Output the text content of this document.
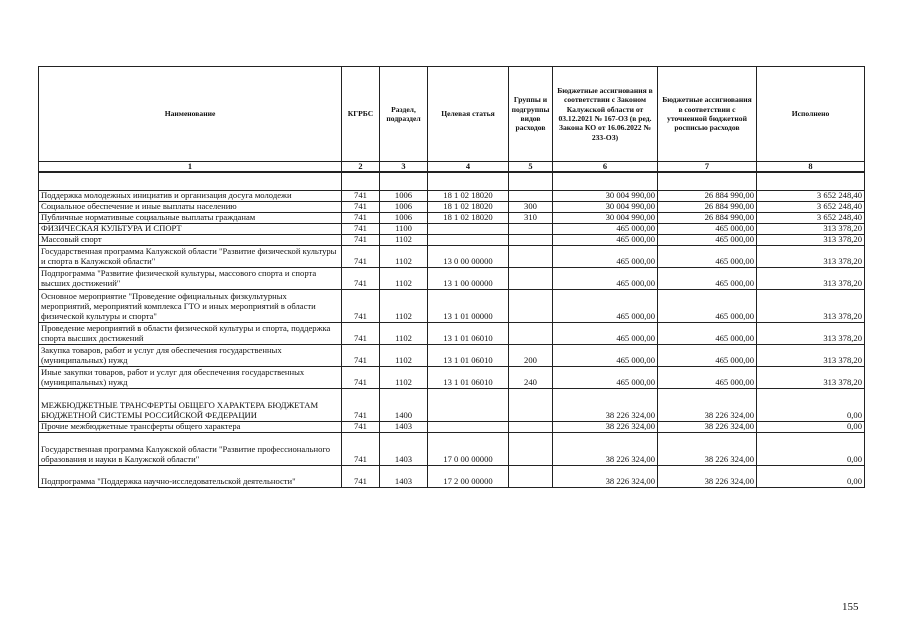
Наименование	КГРБС	Раздел, подраздел	Целевая статья	Группы и подгруппы видов расходов	Бюджетные ассигнования в соответствии с Законом Калужской области от 03.12.2021 № 167-ОЗ (в ред. Закона КО от 16.06.2022 № 233-ОЗ)	Бюджетные ассигнования в соответствии с уточненной бюджетной росписью расходов	Исполнено
1	2	3	4	5	6	7	8

Поддержка молодежных инициатив и организация досуга молодежи	741	1006	18 1 02 18020		30 004 990,00	26 884 990,00	3 652 248,40
Социальное обеспечение и иные выплаты населению	741	1006	18 1 02 18020	300	30 004 990,00	26 884 990,00	3 652 248,40
Публичные нормативные социальные выплаты гражданам	741	1006	18 1 02 18020	310	30 004 990,00	26 884 990,00	3 652 248,40
ФИЗИЧЕСКАЯ КУЛЬТУРА И СПОРТ	741	1100			465 000,00	465 000,00	313 378,20
Массовый спорт	741	1102			465 000,00	465 000,00	313 378,20
Государственная программа Калужской области "Развитие физической культуры и спорта в Калужской области"	741	1102	13 0 00 00000		465 000,00	465 000,00	313 378,20
Подпрограмма "Развитие физической культуры, массового спорта и спорта высших достижений"	741	1102	13 1 00 00000		465 000,00	465 000,00	313 378,20
Основное мероприятие "Проведение официальных физкультурных мероприятий, мероприятий комплекса ГТО и иных мероприятий в области физической культуры и спорта"	741	1102	13 1 01 00000		465 000,00	465 000,00	313 378,20
Проведение мероприятий в области физической культуры и спорта, поддержка спорта высших достижений	741	1102	13 1 01 06010		465 000,00	465 000,00	313 378,20
Закупка товаров, работ и услуг для обеспечения государственных (муниципальных) нужд	741	1102	13 1 01 06010	200	465 000,00	465 000,00	313 378,20
Иные закупки товаров, работ и услуг для обеспечения государственных (муниципальных) нужд	741	1102	13 1 01 06010	240	465 000,00	465 000,00	313 378,20
МЕЖБЮДЖЕТНЫЕ ТРАНСФЕРТЫ ОБЩЕГО ХАРАКТЕРА БЮДЖЕТАМ БЮДЖЕТНОЙ СИСТЕМЫ РОССИЙСКОЙ ФЕДЕРАЦИИ	741	1400			38 226 324,00	38 226 324,00	0,00
Прочие межбюджетные трансферты общего характера	741	1403			38 226 324,00	38 226 324,00	0,00
Государственная программа Калужской области "Развитие профессионального образования и науки в Калужской области"	741	1403	17 0 00 00000		38 226 324,00	38 226 324,00	0,00
Подпрограмма "Поддержка научно-исследовательской деятельности"	741	1403	17 2 00 00000		38 226 324,00	38 226 324,00	0,00
155
